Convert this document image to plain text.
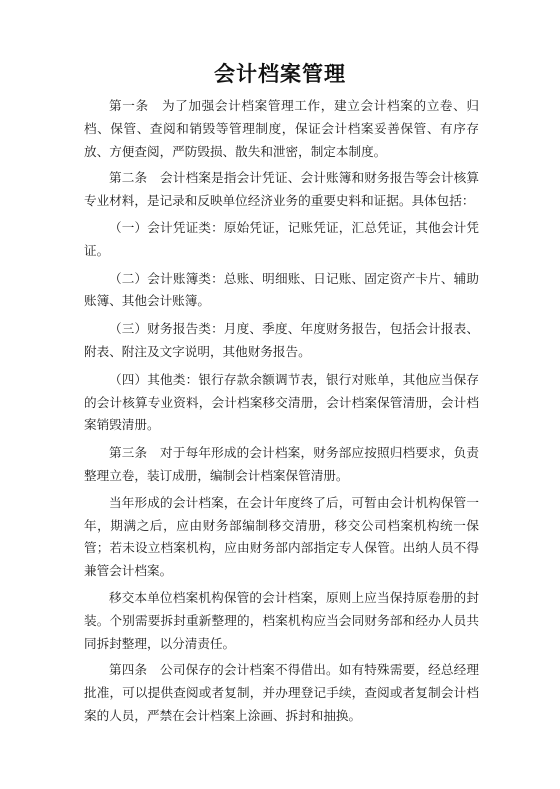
会计档案管理

第一条　为了加强会计档案管理工作，建立会计档案的立卷、归档、保管、查阅和销毁等管理制度，保证会计档案妥善保管、有序存放、方便查阅，严防毁损、散失和泄密，制定本制度。

第二条　会计档案是指会计凭证、会计账簿和财务报告等会计核算专业材料，是记录和反映单位经济业务的重要史料和证据。具体包括：

（一）会计凭证类：原始凭证，记账凭证，汇总凭证，其他会计凭证。

（二）会计账簿类：总账、明细账、日记账、固定资产卡片、辅助账簿、其他会计账簿。

（三）财务报告类：月度、季度、年度财务报告，包括会计报表、附表、附注及文字说明，其他财务报告。

（四）其他类：银行存款余额调节表，银行对账单，其他应当保存的会计核算专业资料，会计档案移交清册，会计档案保管清册，会计档案销毁清册。

第三条　对于每年形成的会计档案，财务部应按照归档要求，负责整理立卷，装订成册，编制会计档案保管清册。

当年形成的会计档案，在会计年度终了后，可暂由会计机构保管一年，期满之后，应由财务部编制移交清册，移交公司档案机构统一保管；若未设立档案机构，应由财务部内部指定专人保管。出纳人员不得兼管会计档案。

移交本单位档案机构保管的会计档案，原则上应当保持原卷册的封装。个别需要拆封重新整理的，档案机构应当会同财务部和经办人员共同拆封整理，以分清责任。

第四条　公司保存的会计档案不得借出。如有特殊需要，经总经理批准，可以提供查阅或者复制，并办理登记手续，查阅或者复制会计档案的人员，严禁在会计档案上涂画、拆封和抽换。
